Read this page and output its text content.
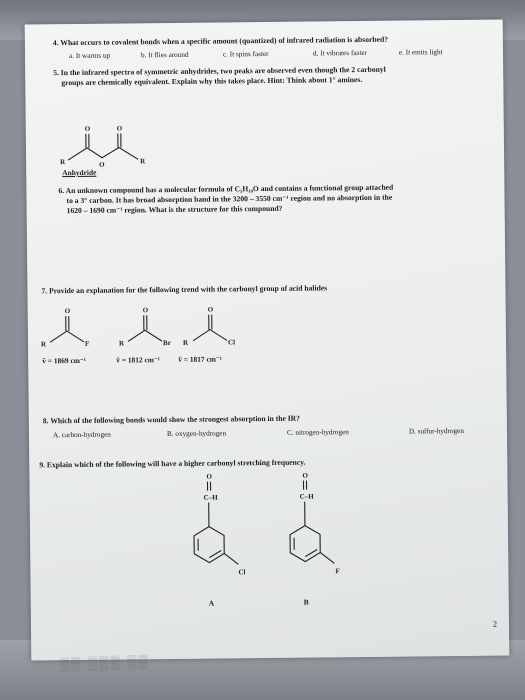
4. What occurs to covalent bonds when a specific amount (quantized) of infrared radiation is absorbed?
a. It warms up	b. It flies around	c. It spins faster	d. It vibrates faster	e. It emits light
5. In the infrared spectra of symmetric anhydrides, two peaks are observed even though the 2 carbonyl
groups are chemically equivalent. Explain why this takes place. Hint: Think about 1° amines.
O	O
R	O	R
Anhydride
6. An unknown compound has a molecular formula of C₅H₁₀O and contains a functional group attached
to a 3° carbon. It has broad absorption band in the 3200 – 3550 cm⁻¹ region and no absorption in the
1620 – 1690 cm⁻¹ region. What is the structure for this compound?
7. Provide an explanation for the following trend with the carbonyl group of acid halides
O
R	F
O
R	Br
O
R	Cl
ṽ = 1869 cm⁻¹	ṽ = 1812 cm⁻¹ ṽ = 1817 cm⁻¹
8. Which of the following bonds would show the strongest absorption in the IR?
A. carbon-hydrogen	B. oxygen-hydrogen	C. nitrogen-hydrogen	D. sulfur-hydrogen
9. Explain which of the following will have a higher carbonyl stretching frequency.
O
C–H
Cl
O
C–H
F
A	B
2
▒▒ ▒▒▒ ▒▒
